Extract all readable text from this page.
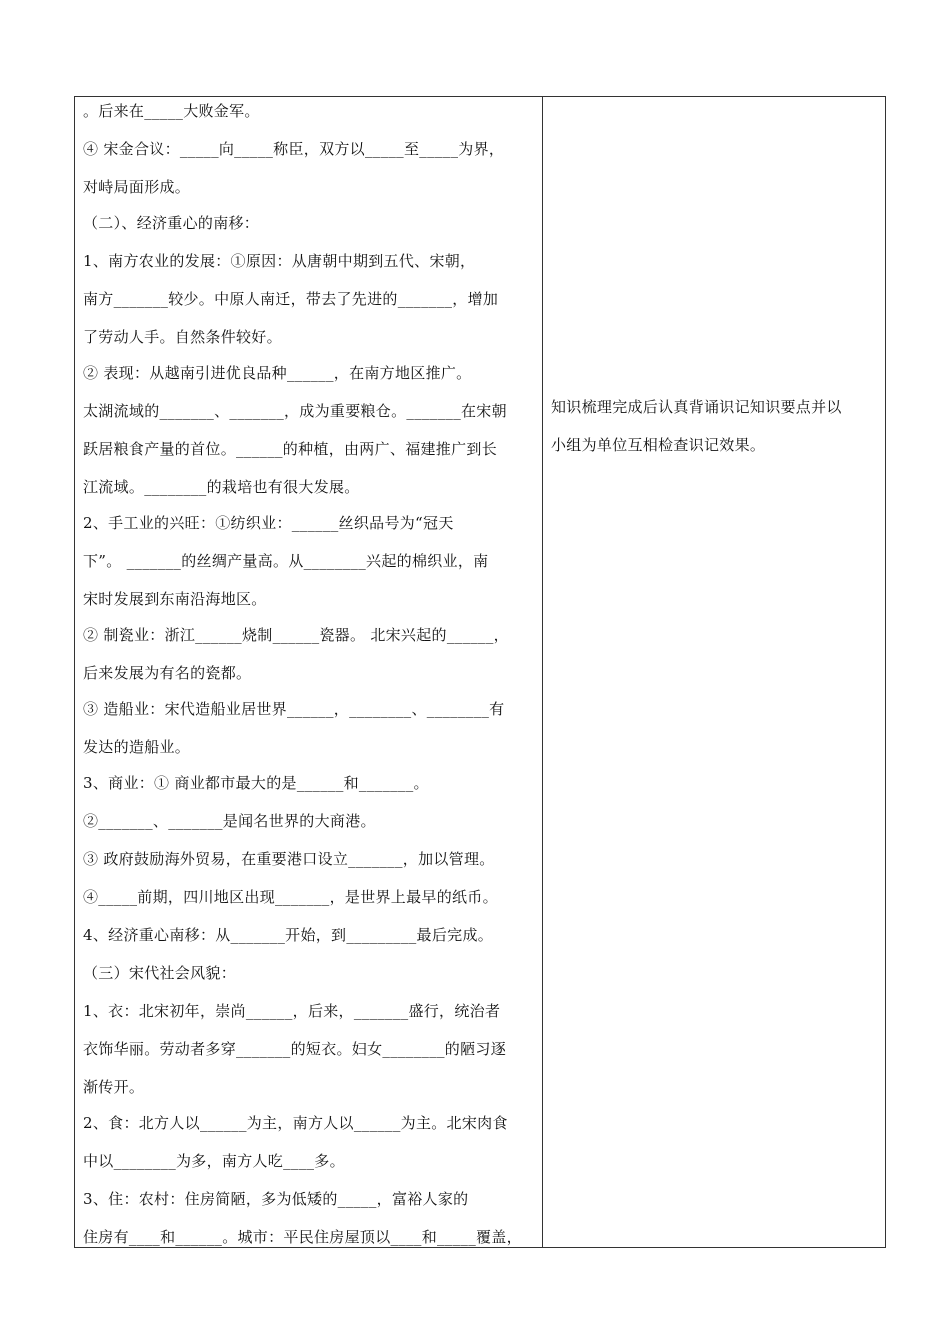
。后来在_____大败金军。
④ 宋金合议：_____向_____称臣，双方以_____至_____为界，
对峙局面形成。
（二）、经济重心的南移：
1、南方农业的发展：①原因：从唐朝中期到五代、宋朝，
南方_______较少。中原人南迁，带去了先进的_______，增加
了劳动人手。自然条件较好。
② 表现：从越南引进优良品种______，在南方地区推广。
太湖流域的_______、_______，成为重要粮仓。_______在宋朝
跃居粮食产量的首位。______的种植，由两广、福建推广到长
江流域。________的栽培也有很大发展。
2、手工业的兴旺：①纺织业：______丝织品号为“冠天
下”。 _______的丝绸产量高。从________兴起的棉织业，南
宋时发展到东南沿海地区。
② 制瓷业：浙江______烧制______瓷器。 北宋兴起的______，
后来发展为有名的瓷都。
③ 造船业：宋代造船业居世界______，________、________有
发达的造船业。
3、商业：① 商业都市最大的是______和_______。
②_______、_______是闻名世界的大商港。
③ 政府鼓励海外贸易，在重要港口设立_______，加以管理。
④_____前期，四川地区出现_______，是世界上最早的纸币。
4、经济重心南移：从_______开始，到_________最后完成。
（三）宋代社会风貌：
1、衣：北宋初年，崇尚______，后来，_______盛行，统治者
衣饰华丽。劳动者多穿_______的短衣。妇女________的陋习逐
渐传开。
2、食：北方人以______为主，南方人以______为主。北宋肉食
中以________为多，南方人吃____多。
3、住：农村：住房简陋，多为低矮的_____，富裕人家的
住房有____和______。城市：平民住房屋顶以____和_____覆盖，
知识梳理完成后认真背诵识记知识要点并以
小组为单位互相检查识记效果。
